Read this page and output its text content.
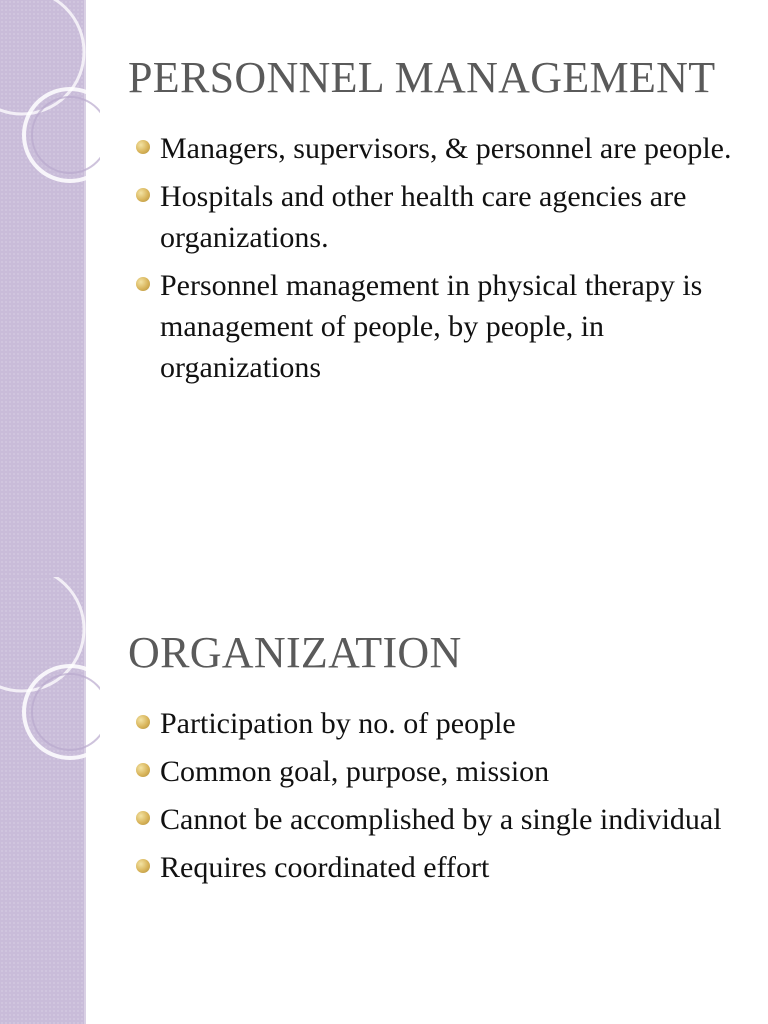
PERSONNEL MANAGEMENT
Managers, supervisors, & personnel are people.
Hospitals and other health care agencies are organizations.
Personnel management in physical therapy is management of people, by people, in organizations
ORGANIZATION
Participation by no. of people
Common goal, purpose, mission
Cannot be accomplished by a single individual
Requires coordinated effort
